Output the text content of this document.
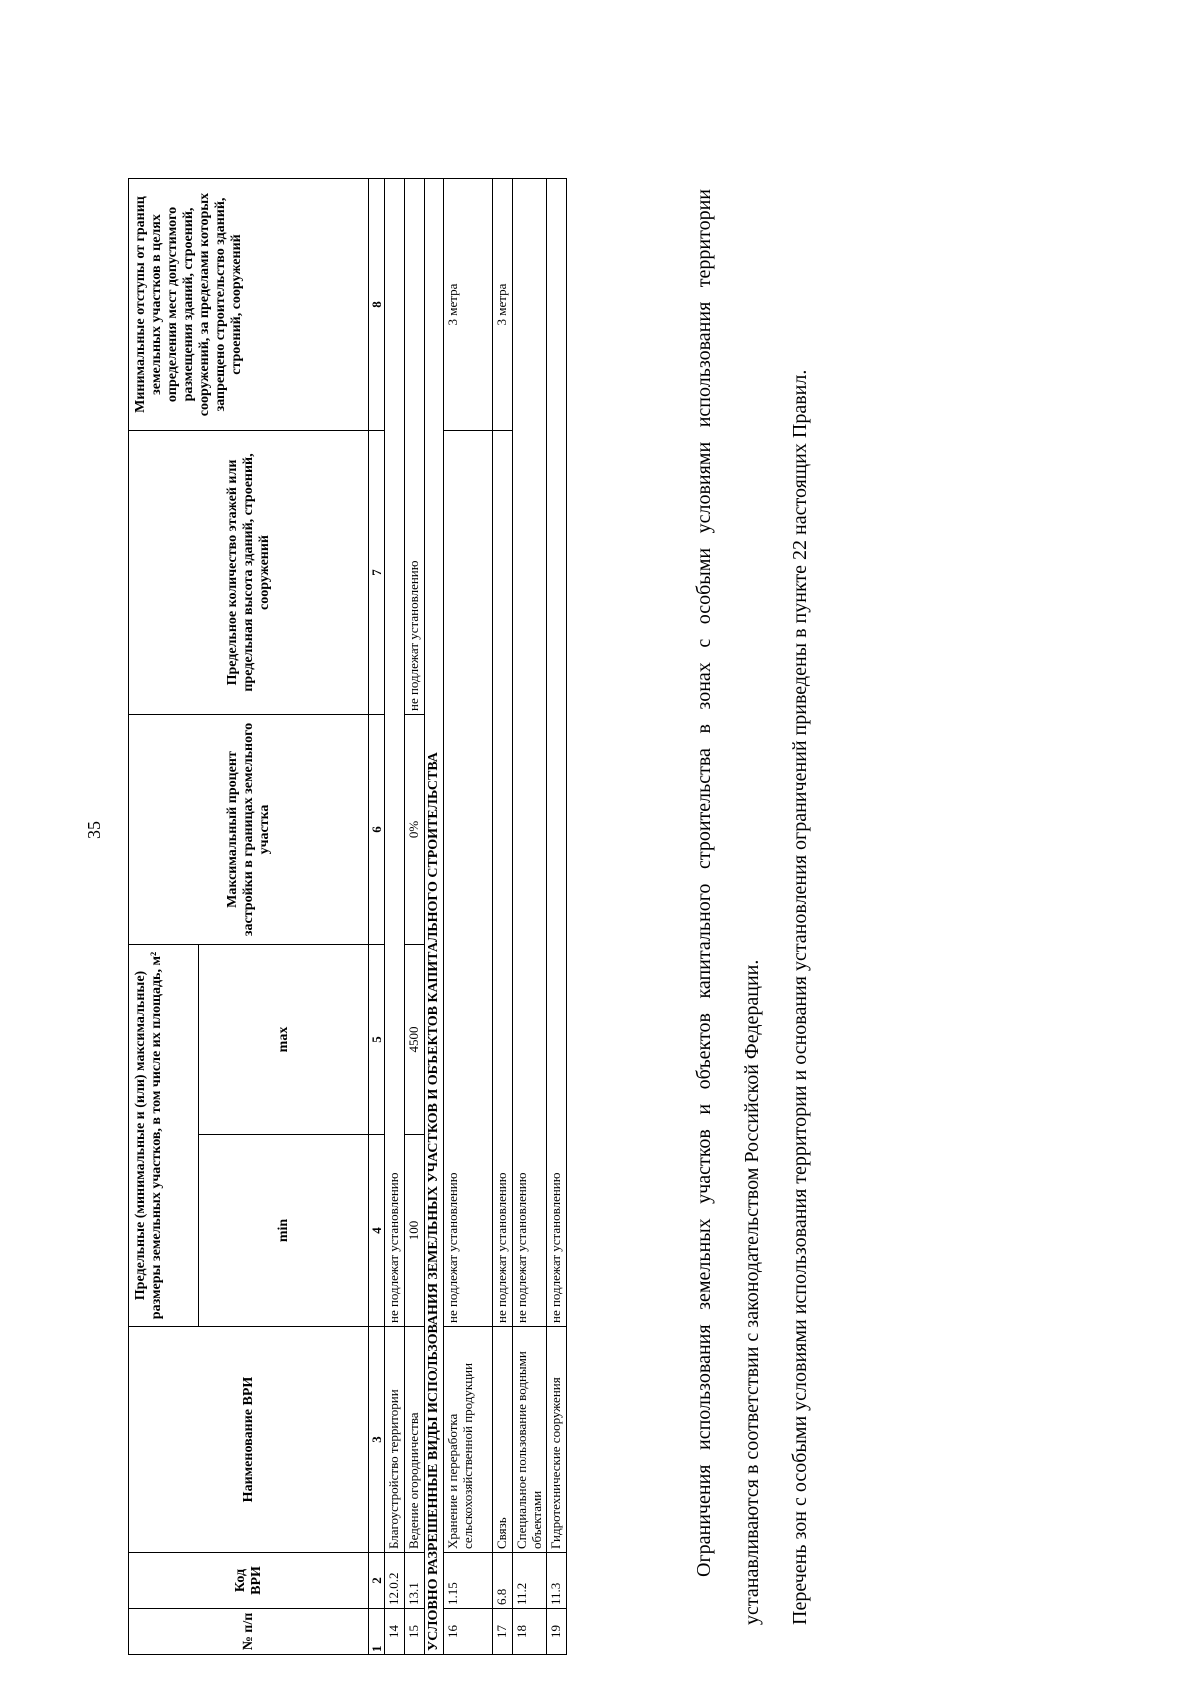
35
№ п/п	Код ВРИ	Наименование ВРИ	Предельные (минимальные и (или) максимальные) размеры земельных участков, в том числе их площадь, м²		Максимальный процент застройки в границах земельного участка	Предельное количество этажей или предельная высота зданий, строений, сооружений	Минимальные отступы от границ земельных участков в целях определения мест допустимого размещения зданий, строений, сооружений, за пределами которых запрещено строительство зданий, строений, сооружений
			min	max			
1	2	3	4	5	6	7	8
14	12.0.2	Благоустройство территории	не подлежат установлению				
15	13.1	Ведение огородничества	100	4500	0%	не подлежат установлению	
УСЛОВНО РАЗРЕШЕННЫЕ ВИДЫ ИСПОЛЬЗОВАНИЯ ЗЕМЕЛЬНЫХ УЧАСТКОВ И ОБЪЕКТОВ КАПИТАЛЬНОГО СТРОИТЕЛЬСТВА							
16	1.15	Хранение и переработка сельскохозяйственной продукции	не подлежат установлению				3 метра
17	6.8	Связь	не подлежат установлению				3 метра
18	11.2	Специальное пользование водными объектами	не подлежат установлению				
19	11.3	Гидротехнические сооружения	не подлежат установлению					Ограничения использования земельных участков и объектов капитального строительства в зонах с особыми условиями использования территории устанавливаются в соответствии с законодательством Российской Федерации.	Перечень зон с особыми условиями использования территории и основания установления ограничений приведены в пункте 22 настоящих Правил.
